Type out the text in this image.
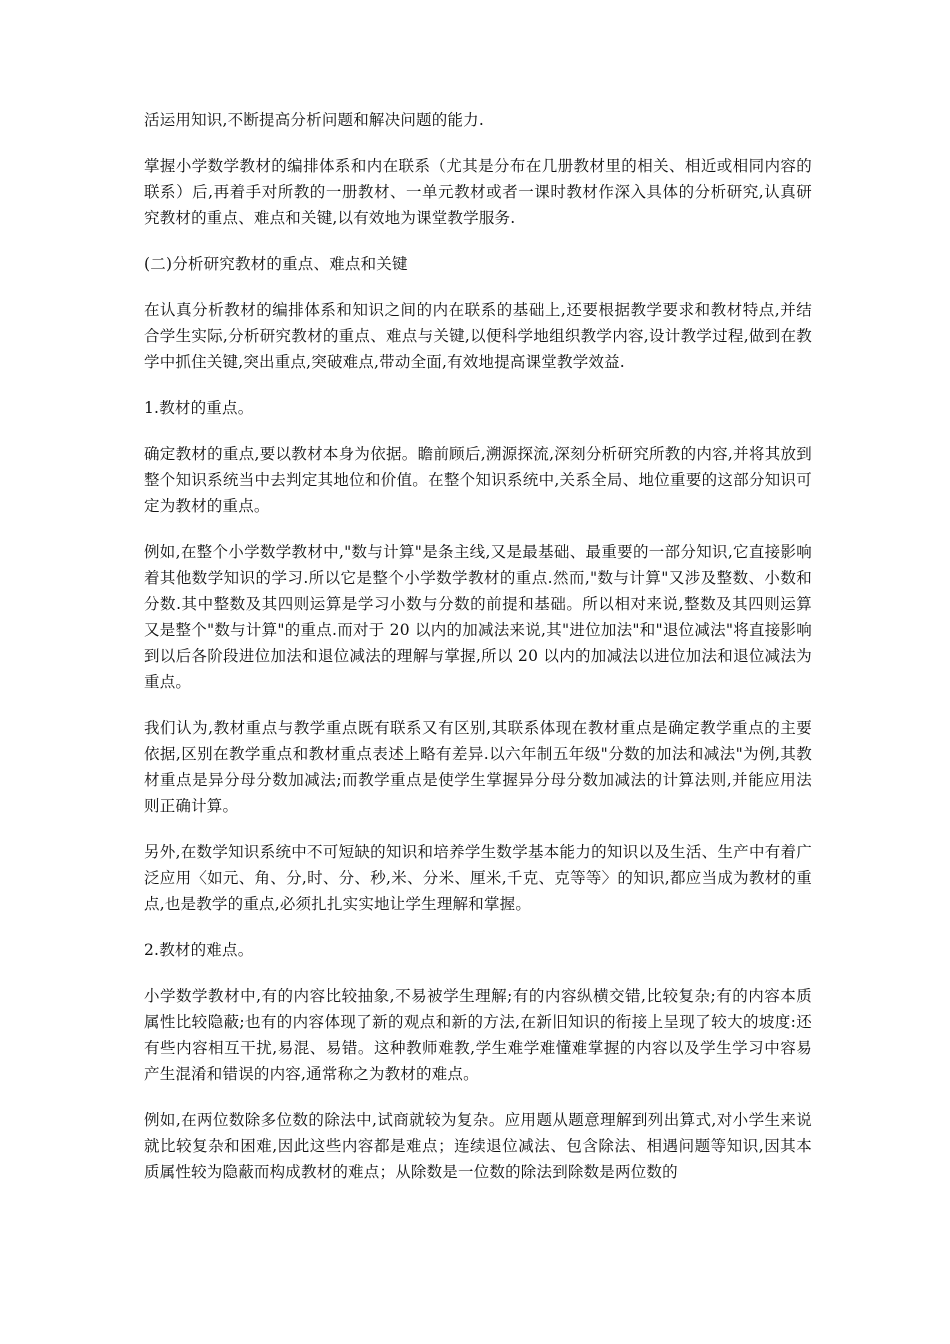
活运用知识,不断提高分析问题和解决问题的能力.

掌握小学数学教材的编排体系和内在联系（尤其是分布在几册教材里的相关、相近或相同内容的联系）后,再着手对所教的一册教材、一单元教材或者一课时教材作深入具体的分析研究,认真研究教材的重点、难点和关键,以有效地为课堂教学服务.

(二)分析研究教材的重点、难点和关键

在认真分析教材的编排体系和知识之间的内在联系的基础上,还要根据教学要求和教材特点,并结合学生实际,分析研究教材的重点、难点与关键,以便科学地组织教学内容,设计教学过程,做到在教学中抓住关键,突出重点,突破难点,带动全面,有效地提高课堂教学效益.

1.教材的重点。

确定教材的重点,要以教材本身为依据。瞻前顾后,溯源探流,深刻分析研究所教的内容,并将其放到整个知识系统当中去判定其地位和价值。在整个知识系统中,关系全局、地位重要的这部分知识可定为教材的重点。

例如,在整个小学数学教材中,"数与计算"是条主线,又是最基础、最重要的一部分知识,它直接影响着其他数学知识的学习.所以它是整个小学数学教材的重点.然而,"数与计算"又涉及整数、小数和分数.其中整数及其四则运算是学习小数与分数的前提和基础。所以相对来说,整数及其四则运算又是整个"数与计算"的重点.而对于 20 以内的加减法来说,其"进位加法"和"退位减法"将直接影响到以后各阶段进位加法和退位减法的理解与掌握,所以 20 以内的加减法以进位加法和退位减法为重点。

我们认为,教材重点与教学重点既有联系又有区别,其联系体现在教材重点是确定教学重点的主要依据,区别在教学重点和教材重点表述上略有差异.以六年制五年级"分数的加法和减法"为例,其教材重点是异分母分数加减法;而教学重点是使学生掌握异分母分数加减法的计算法则,并能应用法则正确计算。

另外,在数学知识系统中不可短缺的知识和培养学生数学基本能力的知识以及生活、生产中有着广泛应用〈如元、角、分,时、分、秒,米、分米、厘米,千克、克等等〉的知识,都应当成为教材的重点,也是教学的重点,必须扎扎实实地让学生理解和掌握。

2.教材的难点。

小学数学教材中,有的内容比较抽象,不易被学生理解;有的内容纵横交错,比较复杂;有的内容本质属性比较隐蔽;也有的内容体现了新的观点和新的方法,在新旧知识的衔接上呈现了较大的坡度:还有些内容相互干扰,易混、易错。这种教师难教,学生难学难懂难掌握的内容以及学生学习中容易产生混淆和错误的内容,通常称之为教材的难点。

例如,在两位数除多位数的除法中,试商就较为复杂。应用题从题意理解到列出算式,对小学生来说就比较复杂和困难,因此这些内容都是难点；连续退位减法、包含除法、相遇问题等知识,因其本质属性较为隐蔽而构成教材的难点；从除数是一位数的除法到除数是两位数的
